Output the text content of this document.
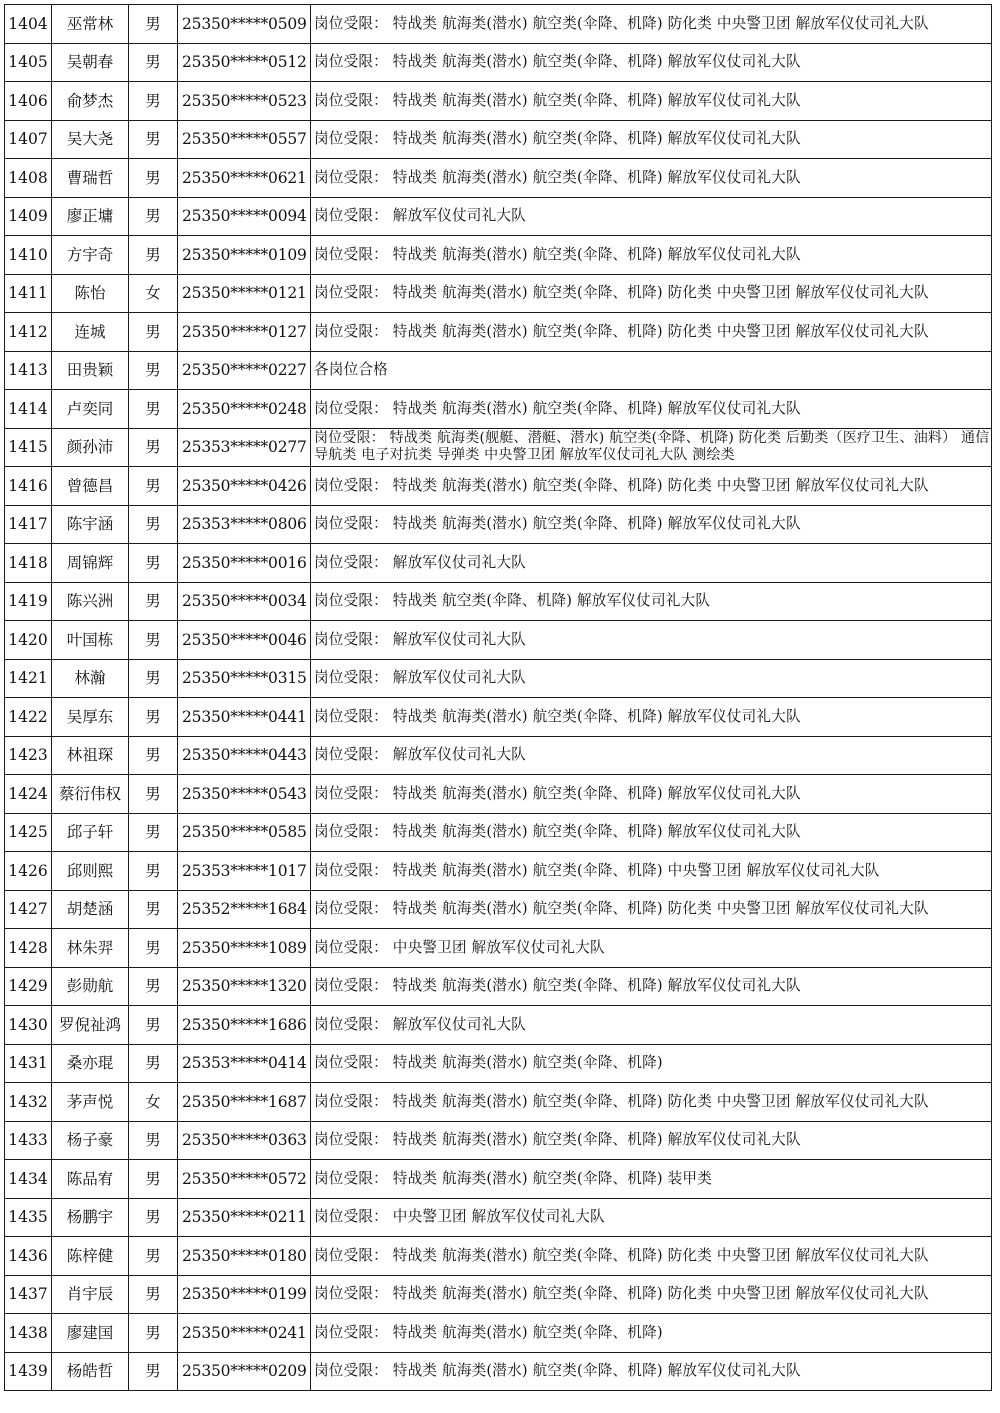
1404	巫常林	男	25350*****0509	岗位受限： 特战类 航海类(潜水) 航空类(伞降、机降) 防化类 中央警卫团 解放军仪仗司礼大队
1405	吴朝春	男	25350*****0512	岗位受限： 特战类 航海类(潜水) 航空类(伞降、机降) 解放军仪仗司礼大队
1406	俞梦杰	男	25350*****0523	岗位受限： 特战类 航海类(潜水) 航空类(伞降、机降) 解放军仪仗司礼大队
1407	吴大尧	男	25350*****0557	岗位受限： 特战类 航海类(潜水) 航空类(伞降、机降) 解放军仪仗司礼大队
1408	曹瑞哲	男	25350*****0621	岗位受限： 特战类 航海类(潜水) 航空类(伞降、机降) 解放军仪仗司礼大队
1409	廖正墉	男	25350*****0094	岗位受限： 解放军仪仗司礼大队
1410	方宇奇	男	25350*****0109	岗位受限： 特战类 航海类(潜水) 航空类(伞降、机降) 解放军仪仗司礼大队
1411	陈怡	女	25350*****0121	岗位受限： 特战类 航海类(潜水) 航空类(伞降、机降) 防化类 中央警卫团 解放军仪仗司礼大队
1412	连城	男	25350*****0127	岗位受限： 特战类 航海类(潜水) 航空类(伞降、机降) 防化类 中央警卫团 解放军仪仗司礼大队
1413	田贵颖	男	25350*****0227	各岗位合格
1414	卢奕同	男	25350*****0248	岗位受限： 特战类 航海类(潜水) 航空类(伞降、机降) 解放军仪仗司礼大队
1415	颜孙沛	男	25353*****0277	岗位受限： 特战类 航海类(舰艇、潜艇、潜水) 航空类(伞降、机降) 防化类 后勤类（医疗卫生、油料） 通信导航类 电子对抗类 导弹类 中央警卫团 解放军仪仗司礼大队 测绘类
1416	曾德昌	男	25350*****0426	岗位受限： 特战类 航海类(潜水) 航空类(伞降、机降) 防化类 中央警卫团 解放军仪仗司礼大队
1417	陈宇涵	男	25353*****0806	岗位受限： 特战类 航海类(潜水) 航空类(伞降、机降) 解放军仪仗司礼大队
1418	周锦辉	男	25350*****0016	岗位受限： 解放军仪仗司礼大队
1419	陈兴洲	男	25350*****0034	岗位受限： 特战类 航空类(伞降、机降) 解放军仪仗司礼大队
1420	叶国栋	男	25350*****0046	岗位受限： 解放军仪仗司礼大队
1421	林瀚	男	25350*****0315	岗位受限： 解放军仪仗司礼大队
1422	吴厚东	男	25350*****0441	岗位受限： 特战类 航海类(潜水) 航空类(伞降、机降) 解放军仪仗司礼大队
1423	林祖琛	男	25350*****0443	岗位受限： 解放军仪仗司礼大队
1424	蔡衍伟权	男	25350*****0543	岗位受限： 特战类 航海类(潜水) 航空类(伞降、机降) 解放军仪仗司礼大队
1425	邱子轩	男	25350*****0585	岗位受限： 特战类 航海类(潜水) 航空类(伞降、机降) 解放军仪仗司礼大队
1426	邱则熙	男	25353*****1017	岗位受限： 特战类 航海类(潜水) 航空类(伞降、机降) 中央警卫团 解放军仪仗司礼大队
1427	胡楚涵	男	25352*****1684	岗位受限： 特战类 航海类(潜水) 航空类(伞降、机降) 防化类 中央警卫团 解放军仪仗司礼大队
1428	林朱羿	男	25350*****1089	岗位受限： 中央警卫团 解放军仪仗司礼大队
1429	彭勋航	男	25350*****1320	岗位受限： 特战类 航海类(潜水) 航空类(伞降、机降) 解放军仪仗司礼大队
1430	罗倪祉鸿	男	25350*****1686	岗位受限： 解放军仪仗司礼大队
1431	桑亦琨	男	25353*****0414	岗位受限： 特战类 航海类(潜水) 航空类(伞降、机降)
1432	茅声悦	女	25350*****1687	岗位受限： 特战类 航海类(潜水) 航空类(伞降、机降) 防化类 中央警卫团 解放军仪仗司礼大队
1433	杨子豪	男	25350*****0363	岗位受限： 特战类 航海类(潜水) 航空类(伞降、机降) 解放军仪仗司礼大队
1434	陈品宥	男	25350*****0572	岗位受限： 特战类 航海类(潜水) 航空类(伞降、机降) 装甲类
1435	杨鹏宇	男	25350*****0211	岗位受限： 中央警卫团 解放军仪仗司礼大队
1436	陈梓健	男	25350*****0180	岗位受限： 特战类 航海类(潜水) 航空类(伞降、机降) 防化类 中央警卫团 解放军仪仗司礼大队
1437	肖宇辰	男	25350*****0199	岗位受限： 特战类 航海类(潜水) 航空类(伞降、机降) 防化类 中央警卫团 解放军仪仗司礼大队
1438	廖建国	男	25350*****0241	岗位受限： 特战类 航海类(潜水) 航空类(伞降、机降)
1439	杨皓哲	男	25350*****0209	岗位受限： 特战类 航海类(潜水) 航空类(伞降、机降) 解放军仪仗司礼大队
